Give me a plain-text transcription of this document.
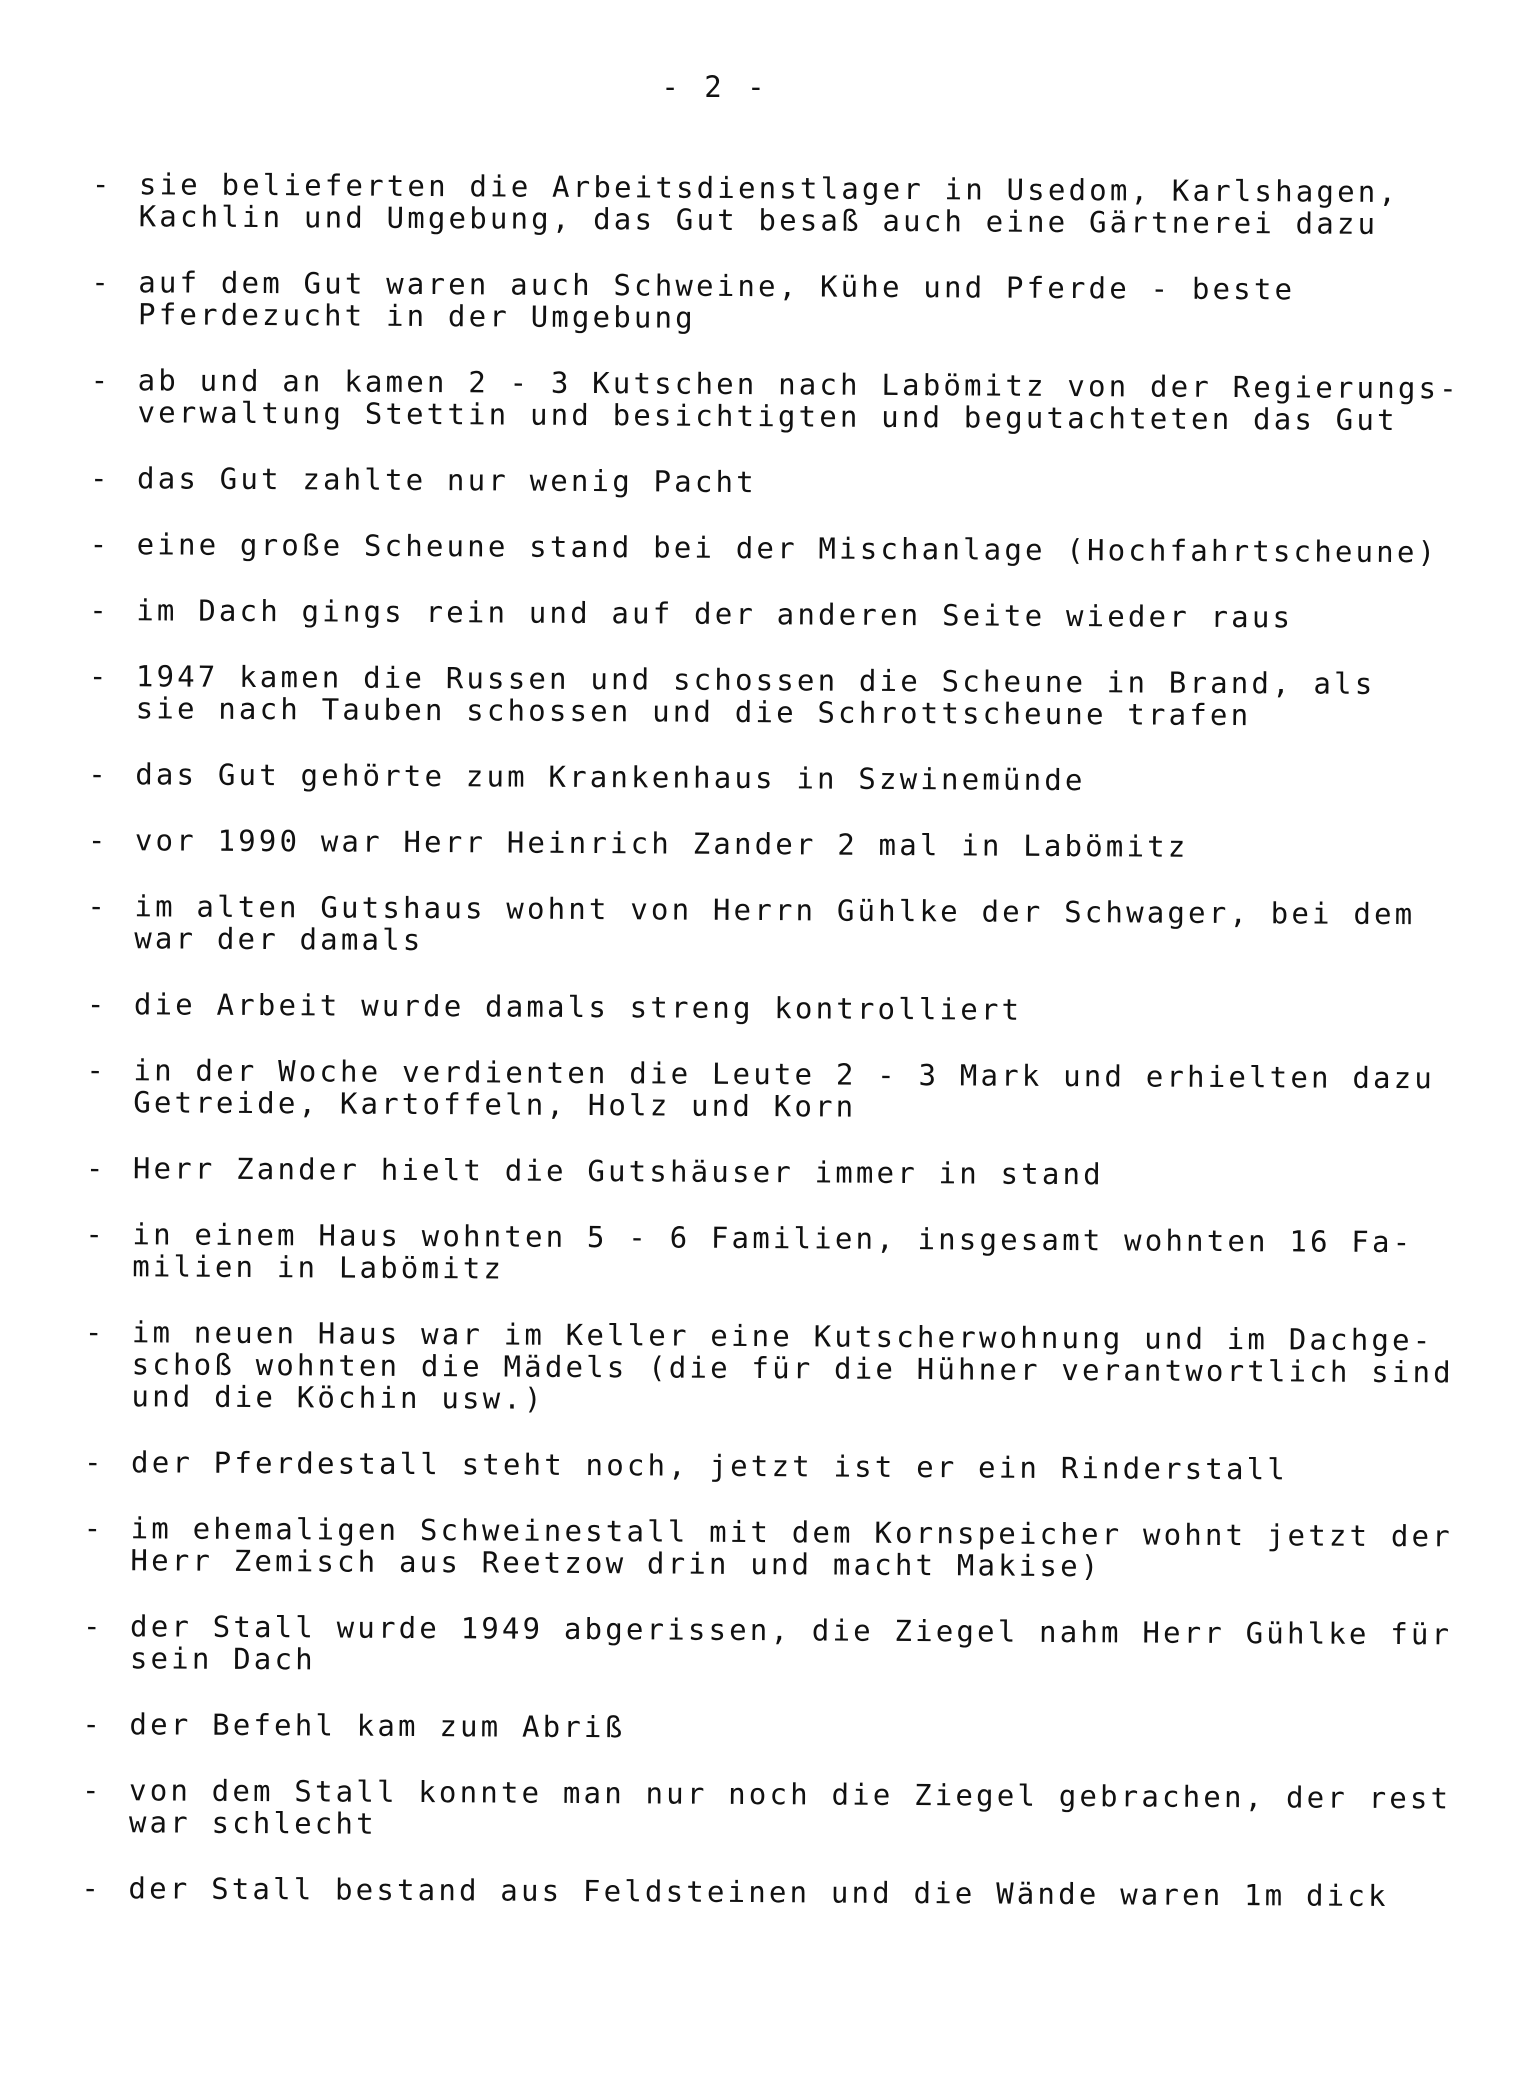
- 2 -
- sie belieferten die Arbeitsdienstlager in Usedom, Karlshagen,
Kachlin und Umgebung, das Gut besaß auch eine Gärtnerei dazu
- auf dem Gut waren auch Schweine, Kühe und Pferde - beste
Pferdezucht in der Umgebung
- ab und an kamen 2 - 3 Kutschen nach Labömitz von der Regierungs-
verwaltung Stettin und besichtigten und begutachteten das Gut
- das Gut zahlte nur wenig Pacht
- eine große Scheune stand bei der Mischanlage (Hochfahrtscheune)
- im Dach gings rein und auf der anderen Seite wieder raus
- 1947 kamen die Russen und schossen die Scheune in Brand, als
sie nach Tauben schossen und die Schrottscheune trafen
- das Gut gehörte zum Krankenhaus in Szwinemünde
- vor 1990 war Herr Heinrich Zander 2 mal in Labömitz
- im alten Gutshaus wohnt von Herrn Gühlke der Schwager, bei dem
war der damals
- die Arbeit wurde damals streng kontrolliert
- in der Woche verdienten die Leute 2 - 3 Mark und erhielten dazu
Getreide, Kartoffeln, Holz und Korn
- Herr Zander hielt die Gutshäuser immer in stand
- in einem Haus wohnten 5 - 6 Familien, insgesamt wohnten 16 Fa-
milien in Labömitz
- im neuen Haus war im Keller eine Kutscherwohnung und im Dachge-
schoß wohnten die Mädels (die für die Hühner verantwortlich sind
und die Köchin usw.)
- der Pferdestall steht noch, jetzt ist er ein Rinderstall
- im ehemaligen Schweinestall mit dem Kornspeicher wohnt jetzt der
Herr Zemisch aus Reetzow drin und macht Makise)
- der Stall wurde 1949 abgerissen, die Ziegel nahm Herr Gühlke für
sein Dach
- der Befehl kam zum Abriß
- von dem Stall konnte man nur noch die Ziegel gebrachen, der rest
war schlecht
- der Stall bestand aus Feldsteinen und die Wände waren 1m dick
